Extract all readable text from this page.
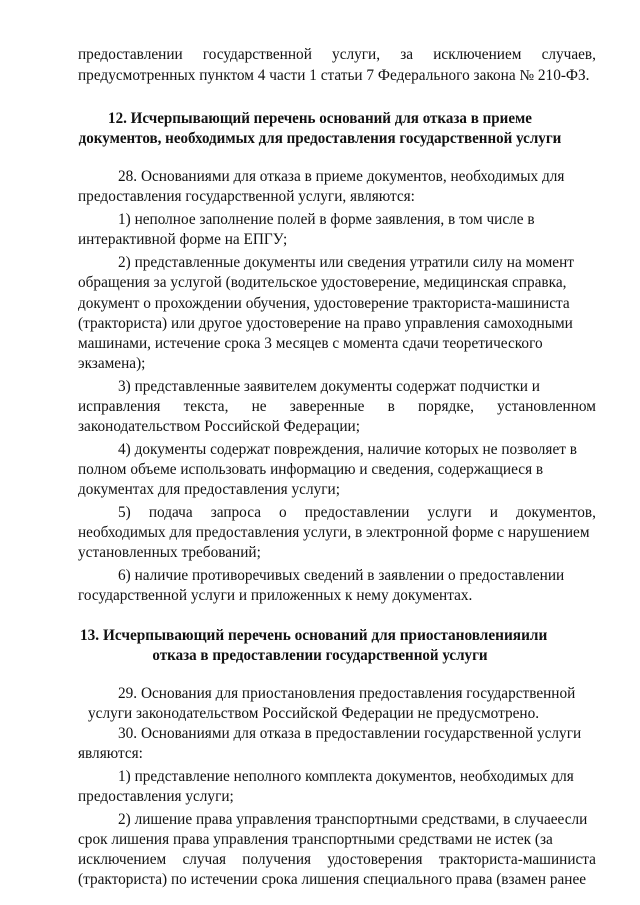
предоставлении государственной услуги, за исключением случаев,
предусмотренных пунктом 4 части 1 статьи 7 Федерального закона № 210-ФЗ.
12. Исчерпывающий перечень оснований для отказа в приеме
документов, необходимых для предоставления государственной услуги
28. Основаниями для отказа в приеме документов, необходимых для
предоставления государственной услуги, являются:
1) неполное заполнение полей в форме заявления, в том числе в
интерактивной форме на ЕПГУ;
2) представленные документы или сведения утратили силу на момент
обращения за услугой (водительское удостоверение, медицинская справка,
документ о прохождении обучения, удостоверение тракториста-машиниста
(тракториста) или другое удостоверение на право управления самоходными
машинами, истечение срока 3 месяцев с момента сдачи теоретического
экзамена);
3) представленные заявителем документы содержат подчистки и
исправления текста, не заверенные в порядке, установленном
законодательством Российской Федерации;
4) документы содержат повреждения, наличие которых не позволяет в
полном объеме использовать информацию и сведения, содержащиеся в
документах для предоставления услуги;
5) подача запроса о предоставлении услуги и документов,
необходимых для предоставления услуги, в электронной форме с нарушением
установленных требований;
6) наличие противоречивых сведений в заявлении о предоставлении
государственной услуги и приложенных к нему документах.
13. Исчерпывающий перечень оснований для приостановленияили
отказа в предоставлении государственной услуги
29. Основания для приостановления предоставления государственной
услуги законодательством Российской Федерации не предусмотрено.
30. Основаниями для отказа в предоставлении государственной услуги
являются:
1) представление неполного комплекта документов, необходимых для
предоставления услуги;
2) лишение права управления транспортными средствами, в случаеесли
срок лишения права управления транспортными средствами не истек (за
исключением случая получения удостоверения тракториста-машиниста
(тракториста) по истечении срока лишения специального права (взамен ранее
